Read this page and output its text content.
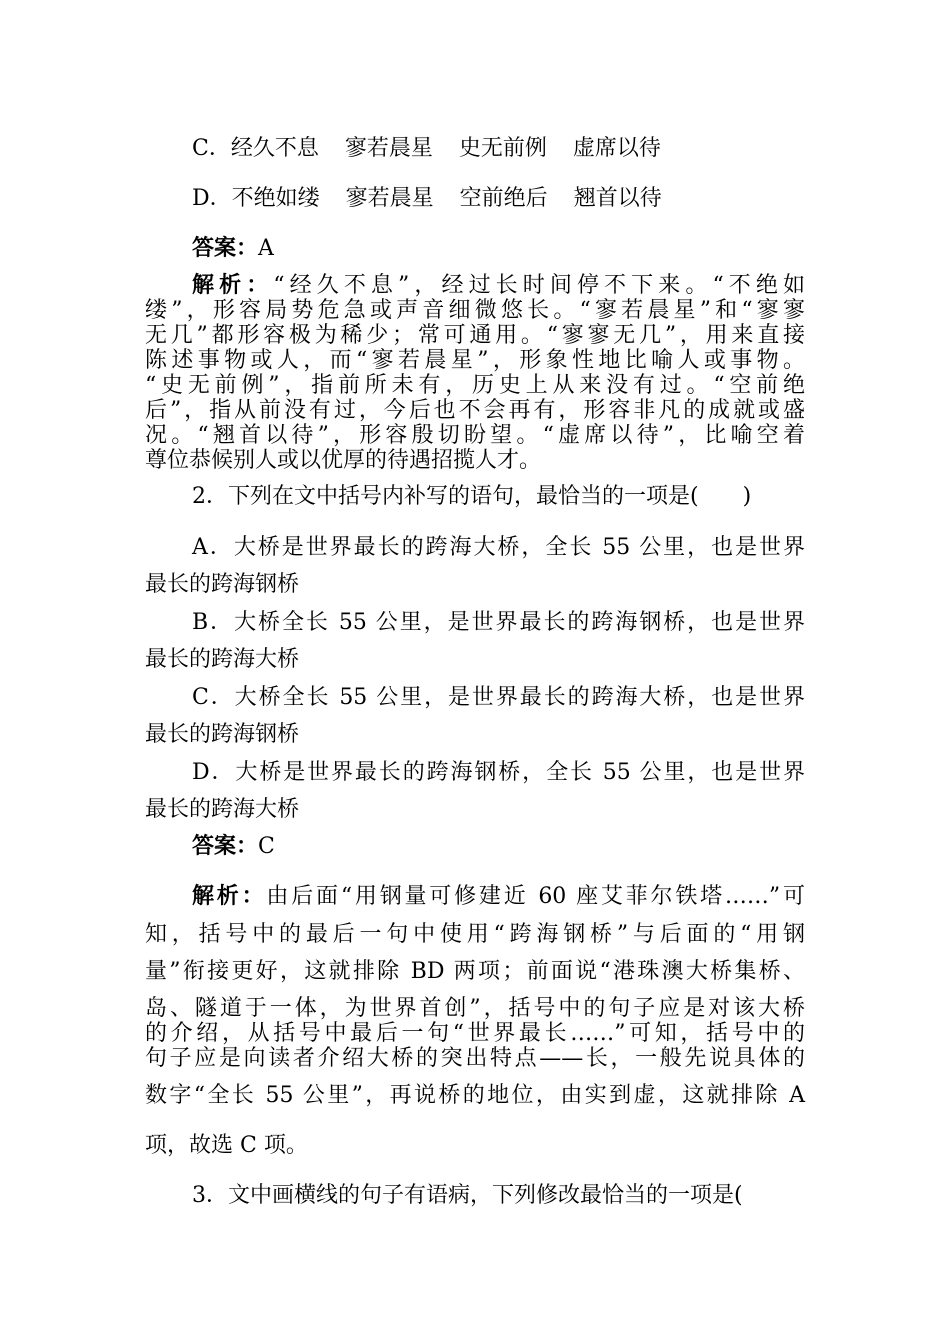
C．经久不息 寥若晨星 史无前例 虚席以待
D．不绝如缕 寥若晨星 空前绝后 翘首以待
答案：A
解析：“经久不息”，经过长时间停不下来。“不绝如
缕”，形容局势危急或声音细微悠长。“寥若晨星”和“寥寥
无几”都形容极为稀少；常可通用。“寥寥无几”，用来直接
陈述事物或人，而“寥若晨星”，形象性地比喻人或事物。
“史无前例”，指前所未有，历史上从来没有过。“空前绝
后”，指从前没有过，今后也不会再有，形容非凡的成就或盛
况。“翘首以待”，形容殷切盼望。“虚席以待”，比喻空着
尊位恭候别人或以优厚的待遇招揽人才。
2．下列在文中括号内补写的语句，最恰当的一项是(　　)
A．大桥是世界最长的跨海大桥，全长 55 公里，也是世界
最长的跨海钢桥
B．大桥全长 55 公里，是世界最长的跨海钢桥，也是世界
最长的跨海大桥
C．大桥全长 55 公里，是世界最长的跨海大桥，也是世界
最长的跨海钢桥
D．大桥是世界最长的跨海钢桥，全长 55 公里，也是世界
最长的跨海大桥
答案：C
解析：由后面“用钢量可修建近 60 座艾菲尔铁塔……”可
知，括号中的最后一句中使用“跨海钢桥”与后面的“用钢
量”衔接更好，这就排除 BD 两项；前面说“港珠澳大桥集桥、
岛、隧道于一体，为世界首创”，括号中的句子应是对该大桥
的介绍，从括号中最后一句“世界最长……”可知，括号中的
句子应是向读者介绍大桥的突出特点——长，一般先说具体的
数字“全长 55 公里”，再说桥的地位，由实到虚，这就排除 A
项，故选 C 项。
3．文中画横线的句子有语病，下列修改最恰当的一项是(
